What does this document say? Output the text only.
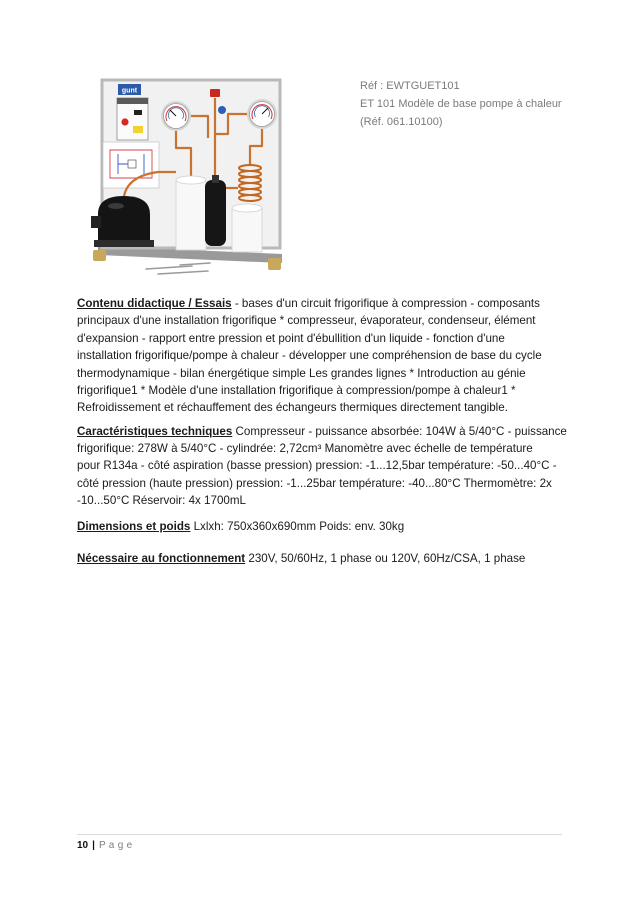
gunt	Réf : EWTGUET101
ET 101 Modèle de base pompe à chaleur
(Réf. 061.10100)
Contenu didactique / Essais - bases d'un circuit frigorifique à compression - composants
principaux d'une installation frigorifique * compresseur, évaporateur, condenseur, élément
d'expansion - rapport entre pression et point d'ébullition d'un liquide - fonction d'une
installation frigorifique/pompe à chaleur - développer une compréhension de base du cycle
thermodynamique - bilan énergétique simple Les grandes lignes * Introduction au génie
frigorifique1 * Modèle d'une installation frigorifique à compression/pompe à chaleur1 *
Refroidissement et réchauffement des échangeurs thermiques directement tangible.
Caractéristiques techniques Compresseur - puissance absorbée: 104W à 5/40°C - puissance
frigorifique: 278W à 5/40°C - cylindrée: 2,72cm³ Manomètre avec échelle de température
pour R134a - côté aspiration (basse pression) pression: -1...12,5bar température: -50...40°C -
côté pression (haute pression) pression: -1...25bar température: -40...80°C Thermomètre: 2x
-10...50°C Réservoir: 4x 1700mL
Dimensions et poids Lxlxh: 750x360x690mm Poids: env. 30kg
Nécessaire au fonctionnement 230V, 50/60Hz, 1 phase ou 120V, 60Hz/CSA, 1 phase
10 | P a g e
